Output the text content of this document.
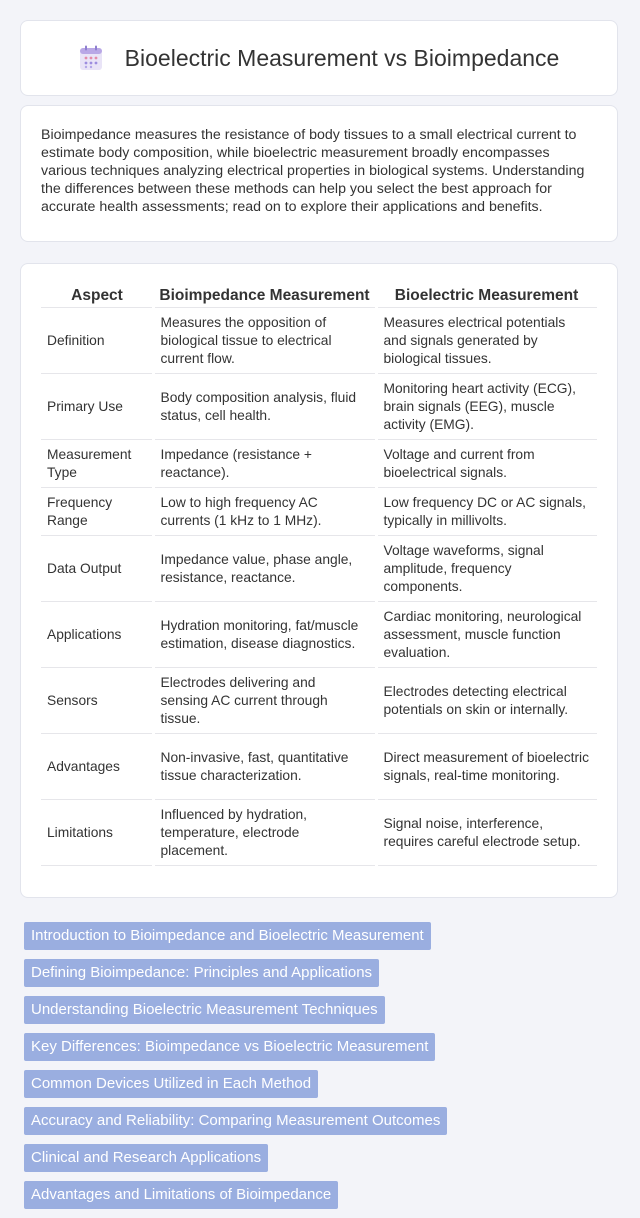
Bioelectric Measurement vs Bioimpedance

Bioimpedance measures the resistance of body tissues to a small electrical current to estimate body composition, while bioelectric measurement broadly encompasses various techniques analyzing electrical properties in biological systems. Understanding the differences between these methods can help you select the best approach for accurate health assessments; read on to explore their applications and benefits.

Aspect	Bioimpedance Measurement	Bioelectric Measurement
Definition	Measures the opposition of biological tissue to electrical current flow.	Measures electrical potentials and signals generated by biological tissues.
Primary Use	Body composition analysis, fluid status, cell health.	Monitoring heart activity (ECG), brain signals (EEG), muscle activity (EMG).
Measurement Type	Impedance (resistance + reactance).	Voltage and current from bioelectrical signals.
Frequency Range	Low to high frequency AC currents (1 kHz to 1 MHz).	Low frequency DC or AC signals, typically in millivolts.
Data Output	Impedance value, phase angle, resistance, reactance.	Voltage waveforms, signal amplitude, frequency components.
Applications	Hydration monitoring, fat/muscle estimation, disease diagnostics.	Cardiac monitoring, neurological assessment, muscle function evaluation.
Sensors	Electrodes delivering and sensing AC current through tissue.	Electrodes detecting electrical potentials on skin or internally.
Advantages	Non-invasive, fast, quantitative tissue characterization.	Direct measurement of bioelectric signals, real-time monitoring.
Limitations	Influenced by hydration, temperature, electrode placement.	Signal noise, interference, requires careful electrode setup.
Introduction to Bioimpedance and Bioelectric Measurement
Defining Bioimpedance: Principles and Applications
Understanding Bioelectric Measurement Techniques
Key Differences: Bioimpedance vs Bioelectric Measurement
Common Devices Utilized in Each Method
Accuracy and Reliability: Comparing Measurement Outcomes
Clinical and Research Applications
Advantages and Limitations of Bioimpedance
